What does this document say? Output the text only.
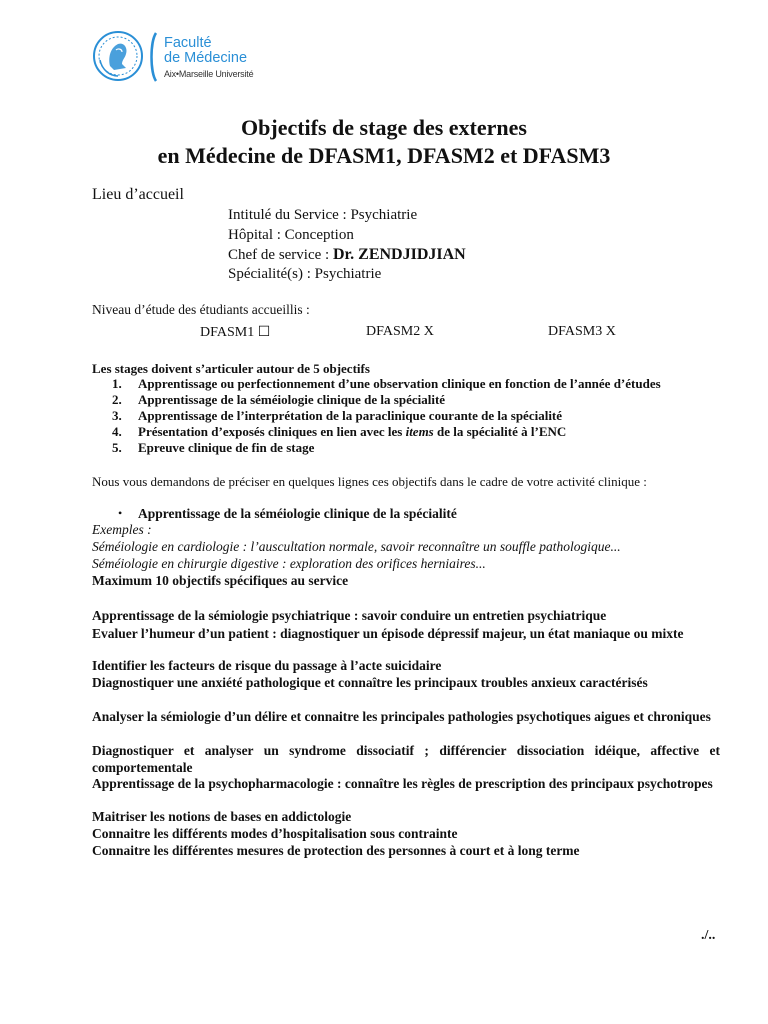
Faculté
de Médecine
Aix•Marseille Université
Objectifs de stage des externes
en Médecine de DFASM1, DFASM2 et DFASM3
Lieu d’accueil
Intitulé du Service : Psychiatrie
Hôpital : Conception
Chef de service : Dr. ZENDJIDJIAN
Spécialité(s) : Psychiatrie
Niveau d’étude des étudiants accueillis :
DFASM1 ☐	DFASM2 X	DFASM3 X
Les stages doivent s’articuler autour de 5 objectifs
1. Apprentissage ou perfectionnement d’une observation clinique en fonction de l’année d’études
2. Apprentissage de la séméiologie clinique de la spécialité
3. Apprentissage de l’interprétation de la paraclinique courante de la spécialité
4. Présentation d’exposés cliniques en lien avec les items de la spécialité à l’ENC
5. Epreuve clinique de fin de stage
Nous vous demandons de préciser en quelques lignes ces objectifs dans le cadre de votre activité clinique :
• Apprentissage de la séméiologie clinique de la spécialité
Exemples :
Séméiologie en cardiologie : l’auscultation normale, savoir reconnaître un souffle pathologique...
Séméiologie en chirurgie digestive : exploration des orifices herniaires...
Maximum 10 objectifs spécifiques au service
Apprentissage de la sémiologie psychiatrique : savoir conduire un entretien psychiatrique
Evaluer l’humeur d’un patient : diagnostiquer un épisode dépressif majeur, un état maniaque ou mixte
Identifier les facteurs de risque du passage à l’acte suicidaire
Diagnostiquer une anxiété pathologique et connaître les principaux troubles anxieux caractérisés
Analyser la sémiologie d’un délire et connaitre les principales pathologies psychotiques aigues et chroniques
Diagnostiquer et analyser un syndrome dissociatif ; différencier dissociation idéique, affective et comportementale
Apprentissage de la psychopharmacologie : connaître les règles de prescription des principaux psychotropes
Maitriser les notions de bases en addictologie
Connaitre les différents modes d’hospitalisation sous contrainte
Connaitre les différentes mesures de protection des personnes à court et à long terme
./..
